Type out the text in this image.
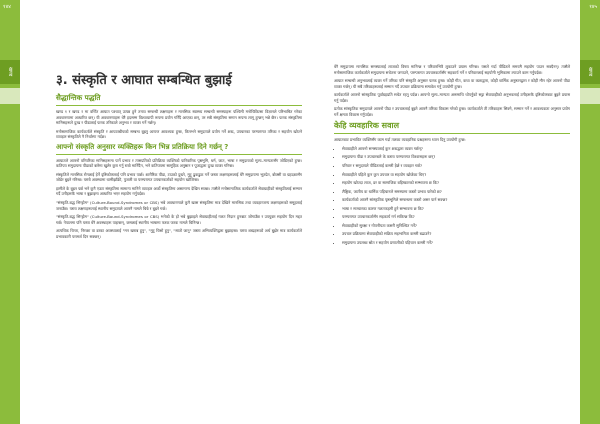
१४४	१४५
खण्ड	खण्ड
३. संस्कृति र आघात सम्बन्धित बुझाई
सैद्धान्तिक पद्धति

खण्ड १ र खण्ड २ मा वर्णित आघात पश्चात् उत्पन्न हुने तनाव सम्बन्धी लक्षणहरू र मानसिक स्वास्थ्य सम्बन्धी समस्याहरू पश्चिमी मनोचिकित्सा विज्ञानले परिभाषित गरेका अवधारणामा आधारित छन्। यी अवधारणाहरू धेरै हदसम्म विश्वव्यापी रूपमा प्रयोग गरिँदै आएका छन्, तर सबै संस्कृतिमा समान रूपमा लागू हुन्छन् भन्ने छैन। फरक संस्कृतिमा मानिसहरूले दुःख र पीडालाई फरक तरिकाले अनुभव र व्यक्त गर्ने गर्छन्।

मनोसामाजिक कार्यकर्ताले संस्कृति र आघातबीचको सम्बन्ध बुझ्नु अत्यन्त आवश्यक हुन्छ, किनभने समुदायले प्रयोग गर्ने शब्द, उपचारका परम्परागत तरिका र सहयोग खोज्ने व्यवहार संस्कृतिले नै निर्धारण गर्दछ।

आफ्नो संस्कृति अनुसार व्यक्तिहरू किन भिन्न प्रतिक्रिया दिने गर्छन् ?

आघातले आफ्नो वरिपरिका मानिसहरूमा पार्ने प्रभाव र त्यसप्रतिको प्रतिक्रिया व्यक्तिको पारिवारिक पृष्ठभूमि, धर्म, जात, भाषा र समुदायको मूल्य–मान्यतासँग जोडिएको हुन्छ। कतिपय समुदायमा पीडाको बारेमा खुलेर कुरा गर्नु राम्रो मानिँदैन, भने कतिपयमा सामूहिक अनुष्ठान र पूजाद्वारा दुःख व्यक्त गरिन्छ।

संस्कृतिले मानसिक रोगलाई हेर्ने दृष्टिकोणलाई पनि प्रभाव पार्छ। शारीरिक पीडा, टाउको दुख्ने, मुटु ढुकढुक गर्ने जस्ता लक्षणहरूलाई धेरै समुदायमा भूतप्रेत, बोक्सी वा ग्रहदशासँग जोडेर बुझ्ने गरिन्छ। यस्तो अवस्थामा धामीझाँक्री, पुजारी वा परम्परागत उपचारकर्ताको सहयोग खोजिन्छ।

हामीले के बुझ्न पर्छ भने कुनै एउटा संस्कृतिमा सामान्य मानिने व्यवहार अर्को संस्कृतिमा असामान्य देखिन सक्छ। त्यसैले मनोसामाजिक कार्यकर्ताले सेवाग्राहीको संस्कृतिलाई सम्मान गर्दै उनीहरूकै भाषा र बुझाइमा आधारित भएर सहयोग गर्नुपर्दछ।

"संस्कृति-बद्ध सिन्ड्रोम" (Culture-Bound-Syndromes or CBS) भन्ने अवधारणाले कुनै खास संस्कृतिमा मात्र देखिने मानसिक तथा व्यवहारजन्य लक्षणहरूको समूहलाई जनाउँछ। यस्ता लक्षणहरूलाई स्थानीय समुदायले आफ्नै नामले चिन्ने र बुझ्ने गर्छ।

"संस्कृति-बद्ध सिन्ड्रोम" (Culture-Bound-Syndromes or CBS) भनेको के हो भन्ने बुझाइले सेवाग्राहीलाई गलत निदान हुनबाट जोगाउँछ र उपयुक्त सहयोग दिन मद्दत गर्छ। नेपालमा पनि यस्ता धेरै अवस्थाहरू पाइन्छन्, जसलाई स्थानीय भाषामा फरक फरक नामले चिनिन्छ।

अत्यधिक चिन्ता, निराशा वा डरका अवस्थालाई "मन खराब हुनु", "मुटु चिसो हुनु", "सातो जानु" जस्ता अभिव्यक्तिद्वारा बुझाइन्छ। यस्ता शब्दहरूको अर्थ बुझेर मात्र कार्यकर्ताले प्रभावकारी परामर्श दिन सक्छन्।

धेरै समुदायमा मानसिक समस्यालाई लाजको विषय मानिन्छ र परिवारभित्रै लुकाउने प्रयास गरिन्छ। यसले गर्दा पीडितले समयमै सहयोग पाउन सक्दैनन्। त्यसैले मनोसामाजिक कार्यकर्ताले समुदायमा सचेतना जगाउने, परम्परागत उपचारकर्तासँग सहकार्य गर्ने र परिवारलाई सहयोगी भूमिकामा ल्याउने काम गर्नुपर्दछ।

आघात सम्बन्धी अनुभवलाई व्यक्त गर्ने तरिका पनि संस्कृति अनुसार फरक हुन्छ। कोही गीत, कथा वा कलाद्वारा, कोही धार्मिक अनुष्ठानद्वारा र कोही मौन रहेर आफ्नो पीडा व्यक्त गर्छन्। यी सबै तरिकाहरूलाई सम्मान गर्दै उपचार प्रक्रियामा समावेश गर्नु उपयोगी हुन्छ।

कार्यकर्ताले आफ्नो सांस्कृतिक पूर्वाग्रहप्रति सचेत रहनु पर्दछ। आफ्नो मूल्य–मान्यता अरूमाथि थोपर्नुको सट्टा सेवाग्राहीको अनुभवलाई उनीहरूकै दृष्टिकोणबाट बुझ्ने प्रयास गर्नु पर्दछ।

प्रत्येक सांस्कृतिक समुदायले आफ्नो पीडा र उपचारलाई बुझ्ने आफ्नै तरिका विकास गरेको हुन्छ। कार्यकर्ताले ती तरिकाहरू सिक्ने, सम्मान गर्ने र आवश्यकता अनुसार प्रयोग गर्ने क्षमता विकास गर्नुपर्दछ।

केहि व्यवहारिक सवाल

आघातबाट प्रभावित व्यक्तिसँग काम गर्दा तलका व्यवहारिक प्रश्नहरूमा ध्यान दिनु उपयोगी हुन्छ:

• सेवाग्राहीले आफ्नो समस्यालाई कुन शब्दद्वारा व्यक्त गर्छन्?
• समुदायमा पीडा र उपचारबारे के कस्ता परम्परागत विश्वासहरू छन्?
• परिवार र समुदायले पीडितलाई कसरी हेर्छ र व्यवहार गर्छ?
• सेवाग्राहीले पहिले कुन कुन उपचार वा सहयोग खोजेका थिए?
• सहयोग खोज्दा लाज, डर वा सामाजिक बहिष्कारको सम्भावना छ कि?
• लैङ्गिक, जातीय वा धार्मिक पहिचानले समस्यामा कस्तो प्रभाव पारेको छ?
• कार्यकर्ताको आफ्नै सांस्कृतिक पृष्ठभूमिले सम्बन्धमा कस्तो असर पार्न सक्छ?
• भाषा र सञ्चारका कारण गलतफहमी हुने सम्भावना छ कि?
• परम्परागत उपचारकर्तासँग सहकार्य गर्न सकिन्छ कि?
• सेवाग्राहीको सुरक्षा र गोपनीयता कसरी सुनिश्चित गर्ने?
• उपचार प्रक्रियामा सेवाग्राहीको सक्रिय सहभागिता कसरी बढाउने?
• समुदायमा उपलब्ध स्रोत र सहयोग प्रणालीको पहिचान कसरी गर्ने?
